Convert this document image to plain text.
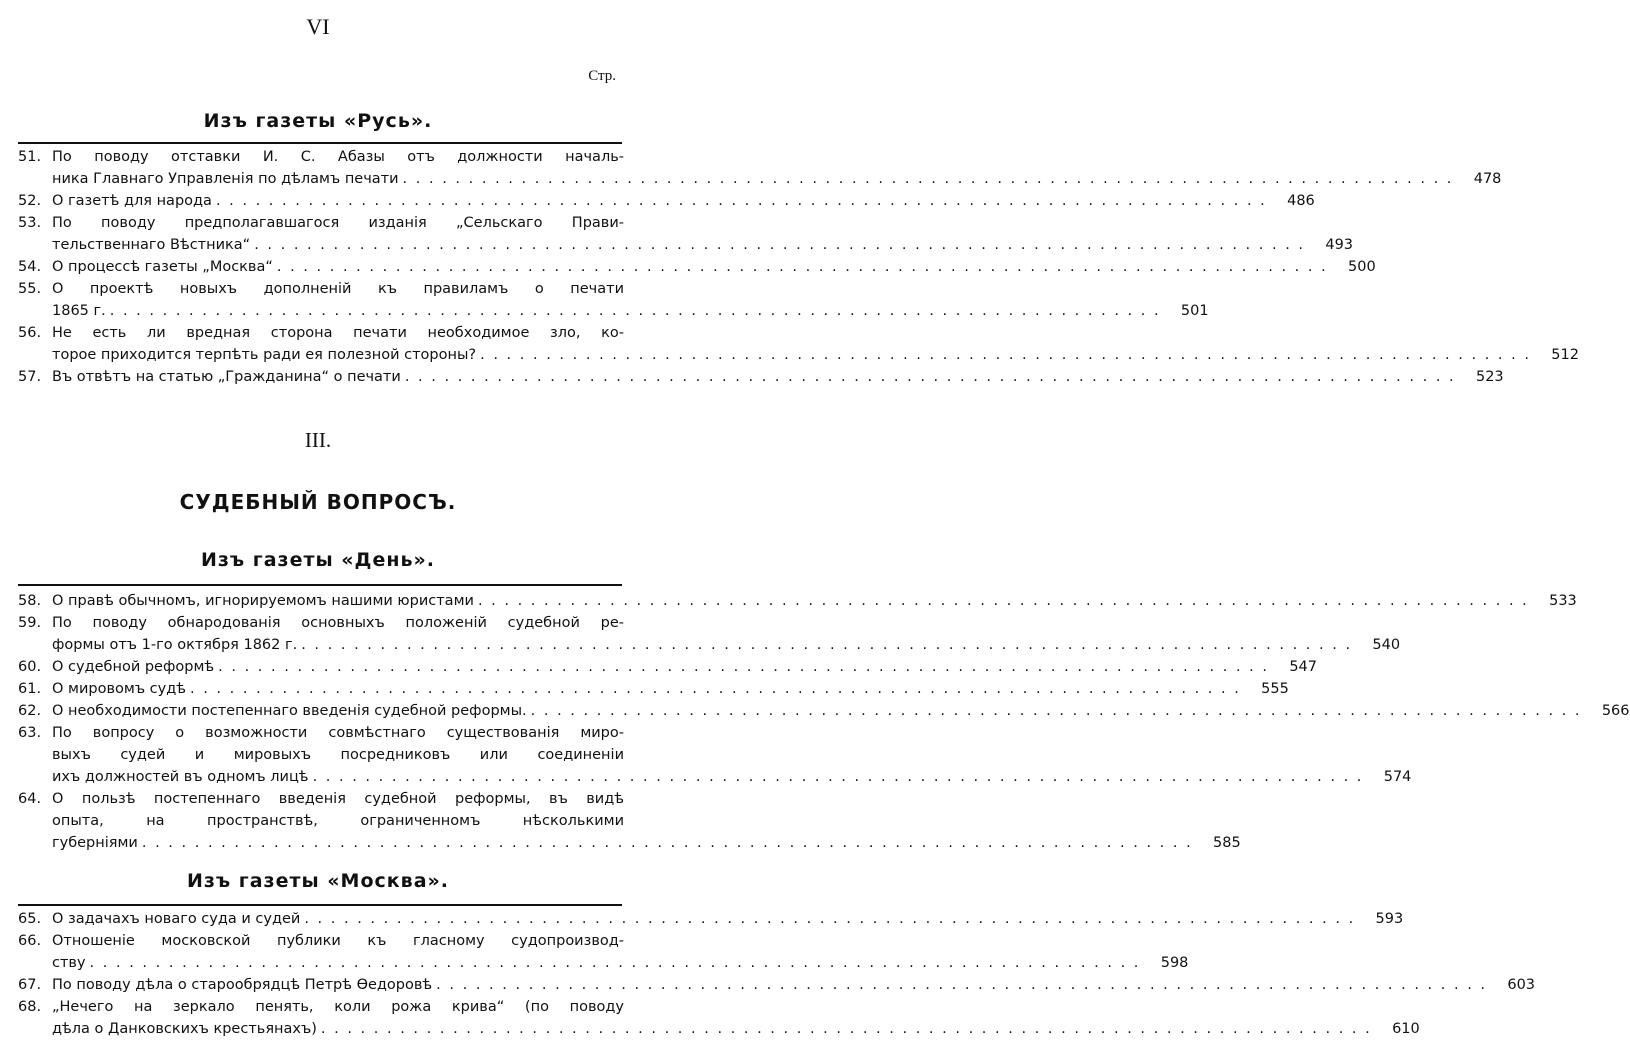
VI
Стр.
Изъ газеты «Русь».
51. По поводу отставки И. С. Абазы отъ должности началь-
ника Главнаго Управленія по дѣламъ печати . . . . . . . . . . . . . . . . . . . . . . . . . . . . . . . . . . . . . . . . . . . . . . . . . . . . . . . . . . . . . . . . . . . . . . . . . . . . . . . .	478
52. О газетѣ для народа . . . . . . . . . . . . . . . . . . . . . . . . . . . . . . . . . . . . . . . . . . . . . . . . . . . . . . . . . . . . . . . . . . . . . . . . . . . . . . . .	486
53. По поводу предполагавшагося изданія „Сельскаго Прави-
тельственнаго Вѣстника“ . . . . . . . . . . . . . . . . . . . . . . . . . . . . . . . . . . . . . . . . . . . . . . . . . . . . . . . . . . . . . . . . . . . . . . . . . . . . . . . .	493
54. О процессѣ газеты „Москва“ . . . . . . . . . . . . . . . . . . . . . . . . . . . . . . . . . . . . . . . . . . . . . . . . . . . . . . . . . . . . . . . . . . . . . . . . . . . . . . . .	500
55. О проектѣ новыхъ дополненій къ правиламъ о печати
1865 г. . . . . . . . . . . . . . . . . . . . . . . . . . . . . . . . . . . . . . . . . . . . . . . . . . . . . . . . . . . . . . . . . . . . . . . . . . . . . . . . .	501
56. Не есть ли вредная сторона печати необходимое зло, ко-
торое приходится терпѣть ради ея полезной стороны? . . . . . . . . . . . . . . . . . . . . . . . . . . . . . . . . . . . . . . . . . . . . . . . . . . . . . . . . . . . . . . . . . . . . . . . . . . . . . . . .	512
57. Въ отвѣтъ на статью „Гражданина“ о печати . . . . . . . . . . . . . . . . . . . . . . . . . . . . . . . . . . . . . . . . . . . . . . . . . . . . . . . . . . . . . . . . . . . . . . . . . . . . . . . .	523
III.
СУДЕБНЫЙ ВОПРОСЪ.
Изъ газеты «День».
58. О правѣ обычномъ, игнорируемомъ нашими юристами . . . . . . . . . . . . . . . . . . . . . . . . . . . . . . . . . . . . . . . . . . . . . . . . . . . . . . . . . . . . . . . . . . . . . . . . . . . . . . . .	533
59. По поводу обнародованія основныхъ положеній судебной ре-
формы отъ 1-го октября 1862 г. . . . . . . . . . . . . . . . . . . . . . . . . . . . . . . . . . . . . . . . . . . . . . . . . . . . . . . . . . . . . . . . . . . . . . . . . . . . . . . . .	540
60. О судебной реформѣ . . . . . . . . . . . . . . . . . . . . . . . . . . . . . . . . . . . . . . . . . . . . . . . . . . . . . . . . . . . . . . . . . . . . . . . . . . . . . . . .	547
61. О мировомъ судѣ . . . . . . . . . . . . . . . . . . . . . . . . . . . . . . . . . . . . . . . . . . . . . . . . . . . . . . . . . . . . . . . . . . . . . . . . . . . . . . . .	555
62. О необходимости постепеннаго введенія судебной реформы. . . . . . . . . . . . . . . . . . . . . . . . . . . . . . . . . . . . . . . . . . . . . . . . . . . . . . . . . . . . . . . . . . . . . . . . . . . . . . . . .	566
63. По вопросу о возможности совмѣстнаго существованія миро-
выхъ судей и мировыхъ посредниковъ или соединеніи
ихъ должностей въ одномъ лицѣ . . . . . . . . . . . . . . . . . . . . . . . . . . . . . . . . . . . . . . . . . . . . . . . . . . . . . . . . . . . . . . . . . . . . . . . . . . . . . . . .	574
64. О пользѣ постепеннаго введенія судебной реформы, въ видѣ
опыта, на пространствѣ, ограниченномъ нѣсколькими
губерніями . . . . . . . . . . . . . . . . . . . . . . . . . . . . . . . . . . . . . . . . . . . . . . . . . . . . . . . . . . . . . . . . . . . . . . . . . . . . . . . .	585
Изъ газеты «Москва».
65. О задачахъ новаго суда и судей . . . . . . . . . . . . . . . . . . . . . . . . . . . . . . . . . . . . . . . . . . . . . . . . . . . . . . . . . . . . . . . . . . . . . . . . . . . . . . . .	593
66. Отношеніе московской публики къ гласному судопроизвод-
ству . . . . . . . . . . . . . . . . . . . . . . . . . . . . . . . . . . . . . . . . . . . . . . . . . . . . . . . . . . . . . . . . . . . . . . . . . . . . . . . .	598
67. По поводу дѣла о старообрядцѣ Петрѣ Ѳедоровѣ . . . . . . . . . . . . . . . . . . . . . . . . . . . . . . . . . . . . . . . . . . . . . . . . . . . . . . . . . . . . . . . . . . . . . . . . . . . . . . . .	603
68. „Нечего на зеркало пенять, коли рожа крива“ (по поводу
дѣла о Данковскихъ крестьянахъ) . . . . . . . . . . . . . . . . . . . . . . . . . . . . . . . . . . . . . . . . . . . . . . . . . . . . . . . . . . . . . . . . . . . . . . . . . . . . . . . .	610
